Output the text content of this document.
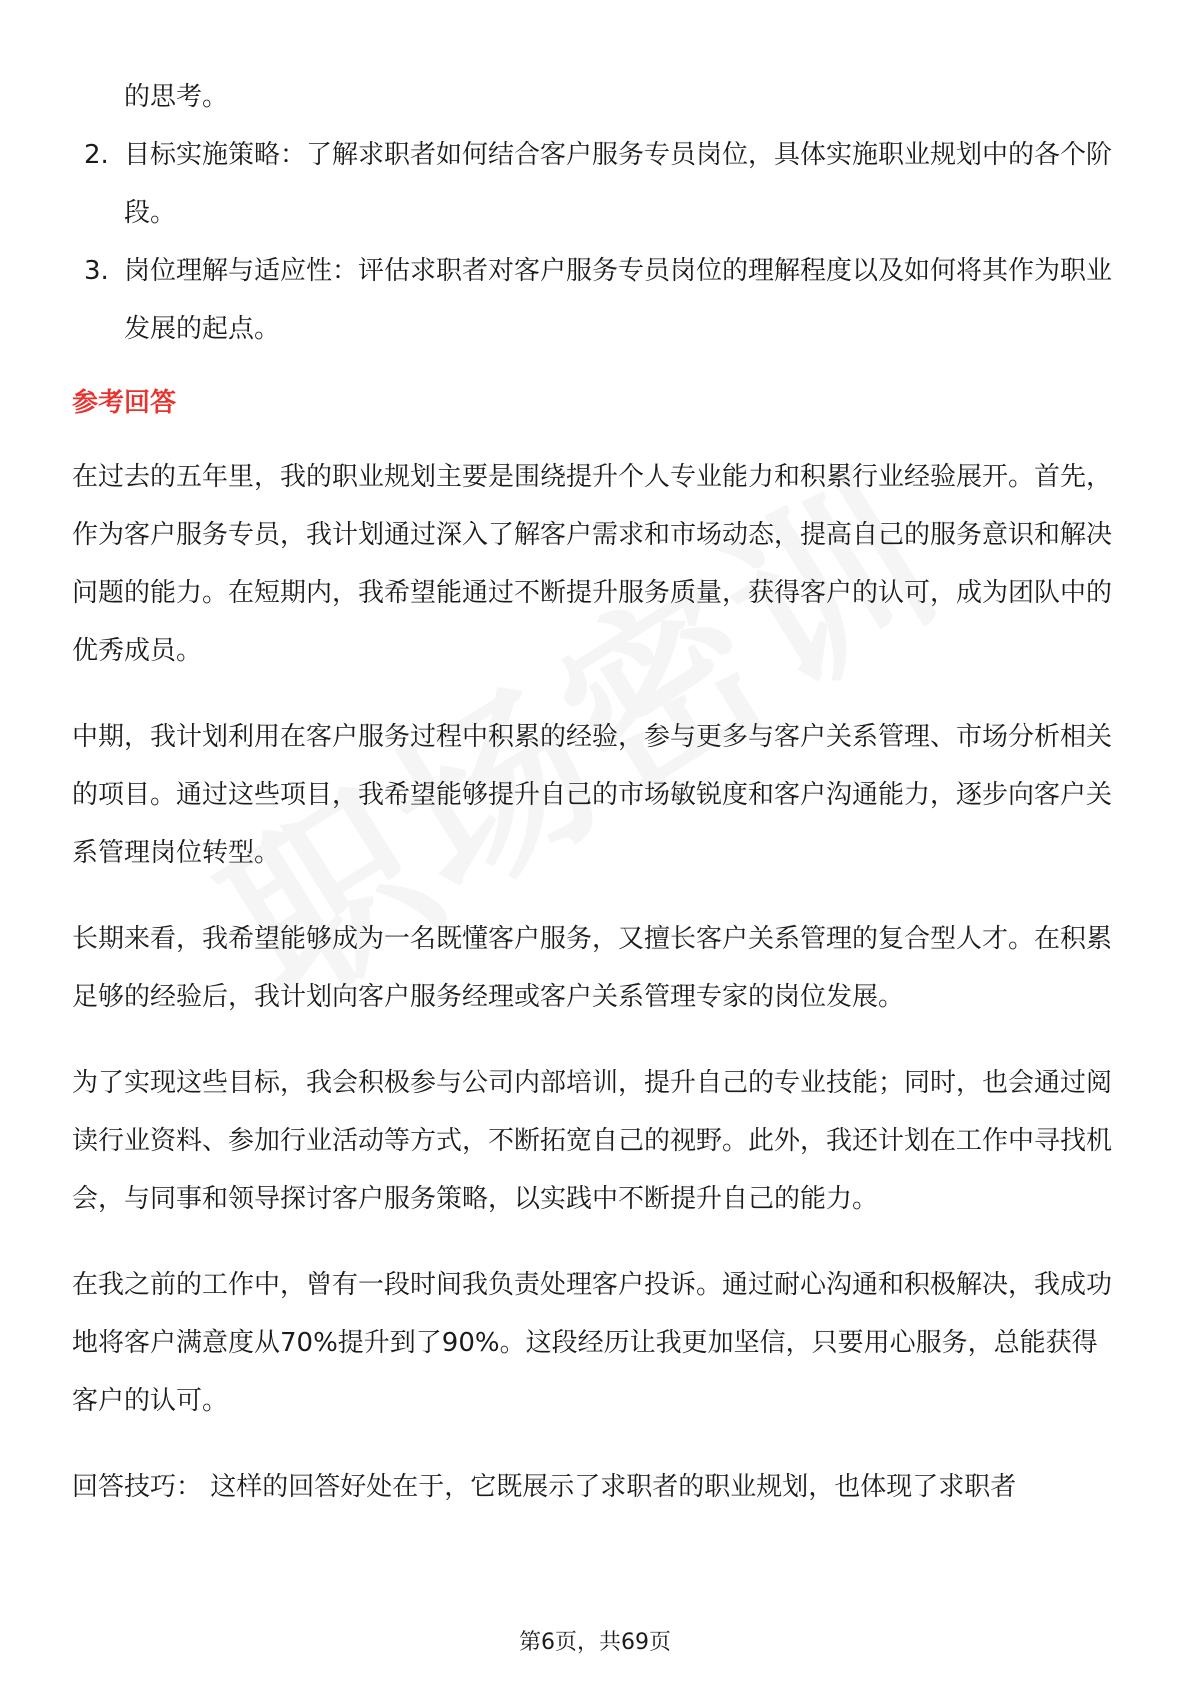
的思考。
2. 目标实施策略：了解求职者如何结合客户服务专员岗位，具体实施职业规划中的各个阶段。
3. 岗位理解与适应性：评估求职者对客户服务专员岗位的理解程度以及如何将其作为职业发展的起点。
参考回答

在过去的五年里，我的职业规划主要是围绕提升个人专业能力和积累行业经验展开。首先，作为客户服务专员，我计划通过深入了解客户需求和市场动态，提高自己的服务意识和解决问题的能力。在短期内，我希望能通过不断提升服务质量，获得客户的认可，成为团队中的优秀成员。

中期，我计划利用在客户服务过程中积累的经验，参与更多与客户关系管理、市场分析相关的项目。通过这些项目，我希望能够提升自己的市场敏锐度和客户沟通能力，逐步向客户关系管理岗位转型。

长期来看，我希望能够成为一名既懂客户服务，又擅长客户关系管理的复合型人才。在积累足够的经验后，我计划向客户服务经理或客户关系管理专家的岗位发展。

为了实现这些目标，我会积极参与公司内部培训，提升自己的专业技能；同时，也会通过阅读行业资料、参加行业活动等方式，不断拓宽自己的视野。此外，我还计划在工作中寻找机会，与同事和领导探讨客户服务策略，以实践中不断提升自己的能力。

在我之前的工作中，曾有一段时间我负责处理客户投诉。通过耐心沟通和积极解决，我成功地将客户满意度从70%提升到了90%。这段经历让我更加坚信，只要用心服务，总能获得客户的认可。

回答技巧： 这样的回答好处在于，它既展示了求职者的职业规划，也体现了求职者

第6页，共69页
